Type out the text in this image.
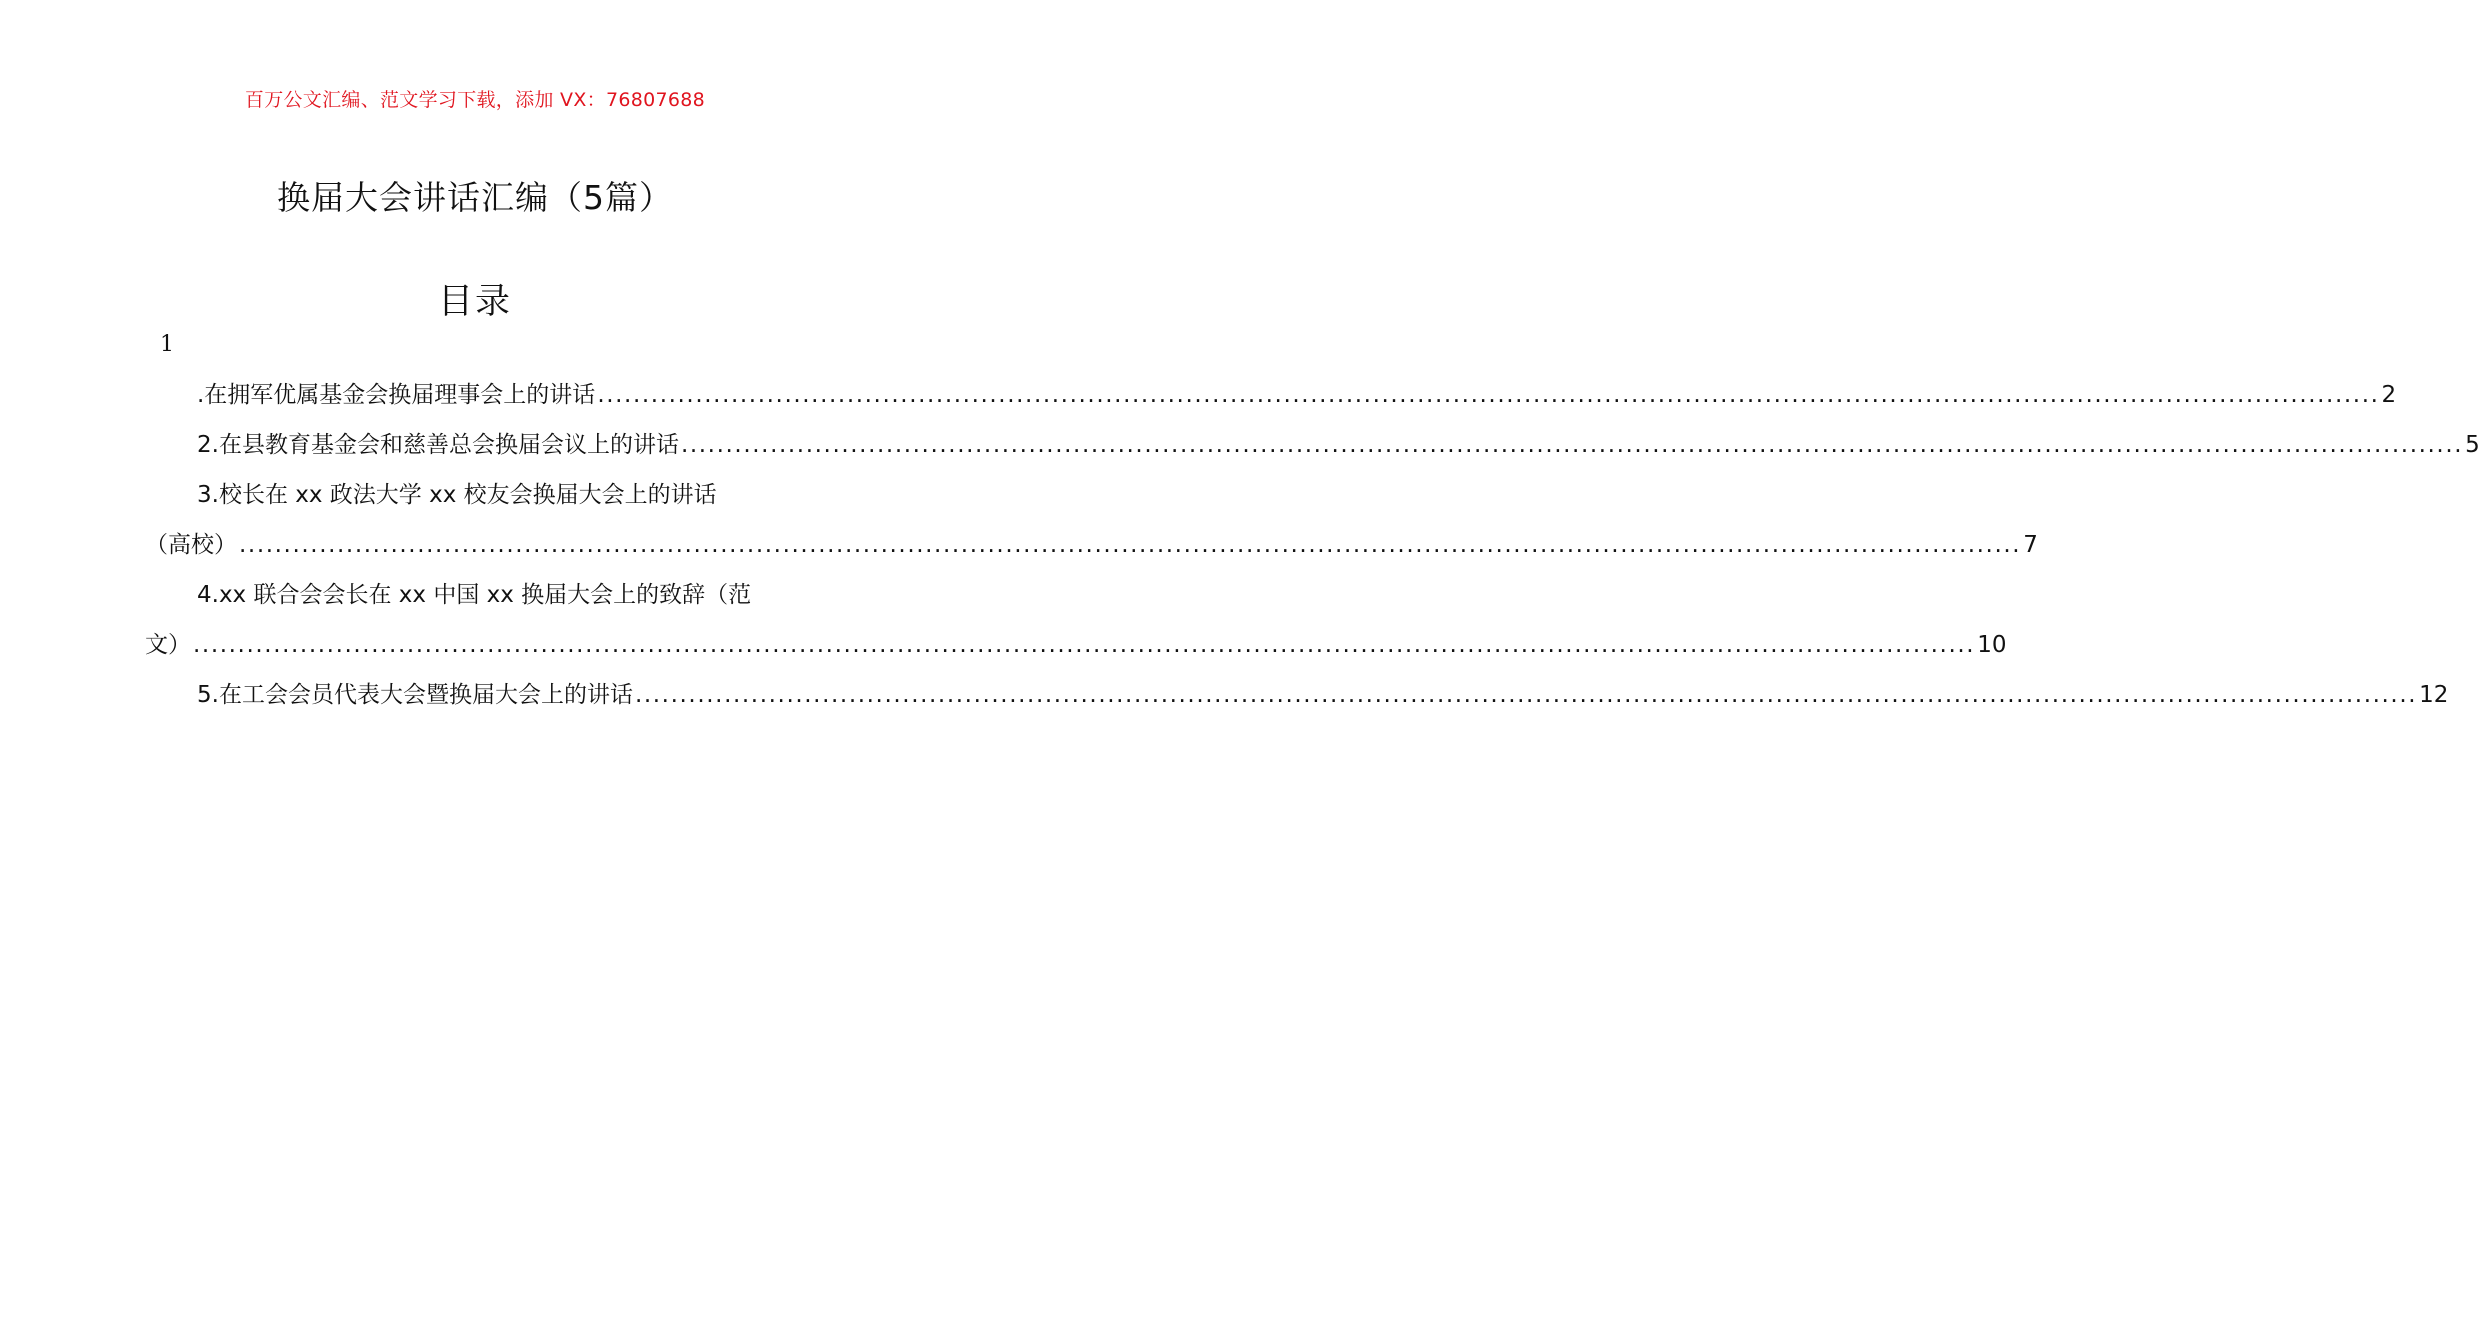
百万公文汇编、范文学习下载，添加 VX：76807688
换届大会讲话汇编（5篇）
目录
1
.在拥军优属基金会换届理事会上的讲话 ........................................................................................................................................................................................................ 2
2.在县教育基金会和慈善总会换届会议上的讲话 ........................................................................................................................................................................................................ 5
3.校长在 xx 政法大学 xx 校友会换届大会上的讲话
（高校） ........................................................................................................................................................................................................ 7
4.xx 联合会会长在 xx 中国 xx 换届大会上的致辞（范
文） ........................................................................................................................................................................................................ 10
5.在工会会员代表大会暨换届大会上的讲话 ........................................................................................................................................................................................................ 12
